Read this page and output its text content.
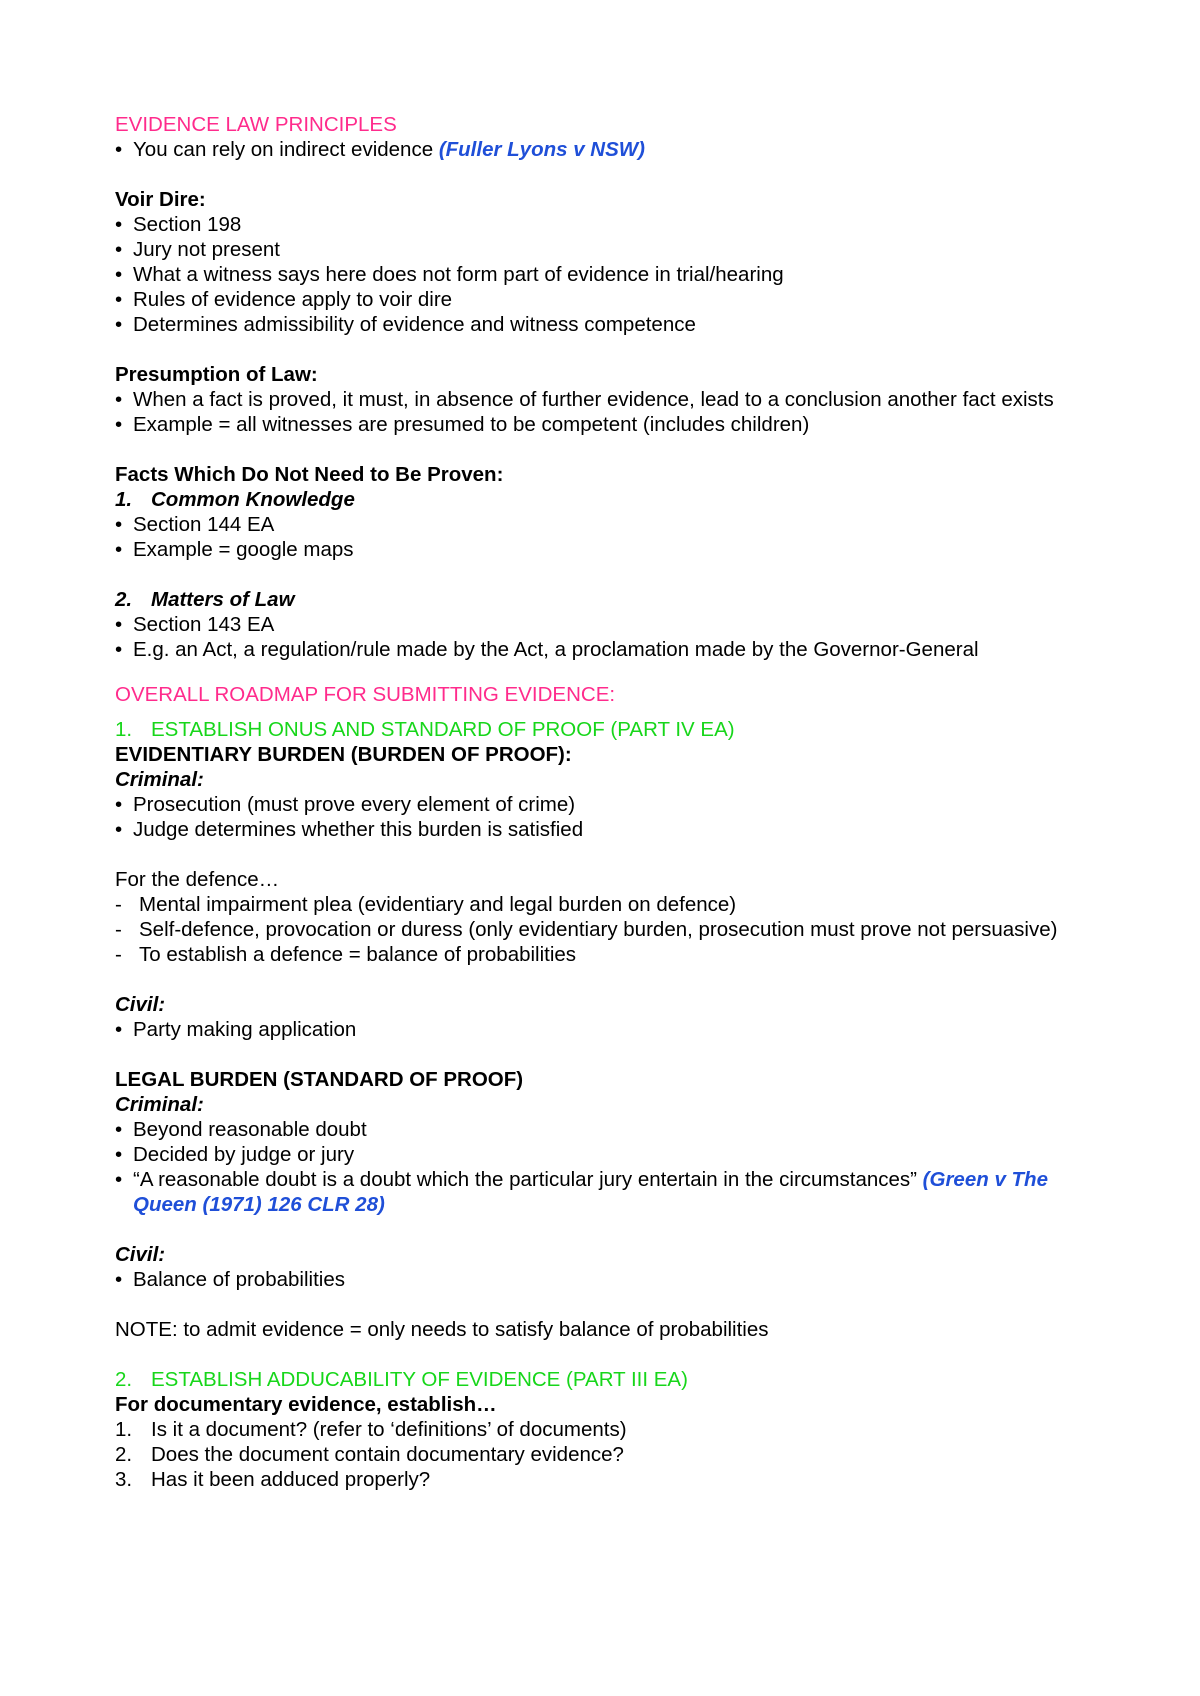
EVIDENCE LAW PRINCIPLES

• You can rely on indirect evidence (Fuller Lyons v NSW)

Voir Dire:

• Section 198

• Jury not present

• What a witness says here does not form part of evidence in trial/hearing

• Rules of evidence apply to voir dire

• Determines admissibility of evidence and witness competence

Presumption of Law:

• When a fact is proved, it must, in absence of further evidence, lead to a conclusion another fact exists

• Example = all witnesses are presumed to be competent (includes children)

Facts Which Do Not Need to Be Proven:

1. Common Knowledge

• Section 144 EA

• Example = google maps

2. Matters of Law

• Section 143 EA

• E.g. an Act, a regulation/rule made by the Act, a proclamation made by the Governor-General

OVERALL ROADMAP FOR SUBMITTING EVIDENCE:

1. ESTABLISH ONUS AND STANDARD OF PROOF (PART IV EA)

EVIDENTIARY BURDEN (BURDEN OF PROOF):

Criminal:

• Prosecution (must prove every element of crime)

• Judge determines whether this burden is satisfied

For the defence…

- Mental impairment plea (evidentiary and legal burden on defence)

- Self-defence, provocation or duress (only evidentiary burden, prosecution must prove not persuasive)

- To establish a defence = balance of probabilities

Civil:

• Party making application

LEGAL BURDEN (STANDARD OF PROOF)

Criminal:

• Beyond reasonable doubt

• Decided by judge or jury

• “A reasonable doubt is a doubt which the particular jury entertain in the circumstances” (Green v The Queen (1971) 126 CLR 28)

Civil:

• Balance of probabilities

NOTE: to admit evidence = only needs to satisfy balance of probabilities

2. ESTABLISH ADDUCABILITY OF EVIDENCE (PART III EA)

For documentary evidence, establish…

1. Is it a document? (refer to ‘definitions’ of documents)

2. Does the document contain documentary evidence?

3. Has it been adduced properly?
